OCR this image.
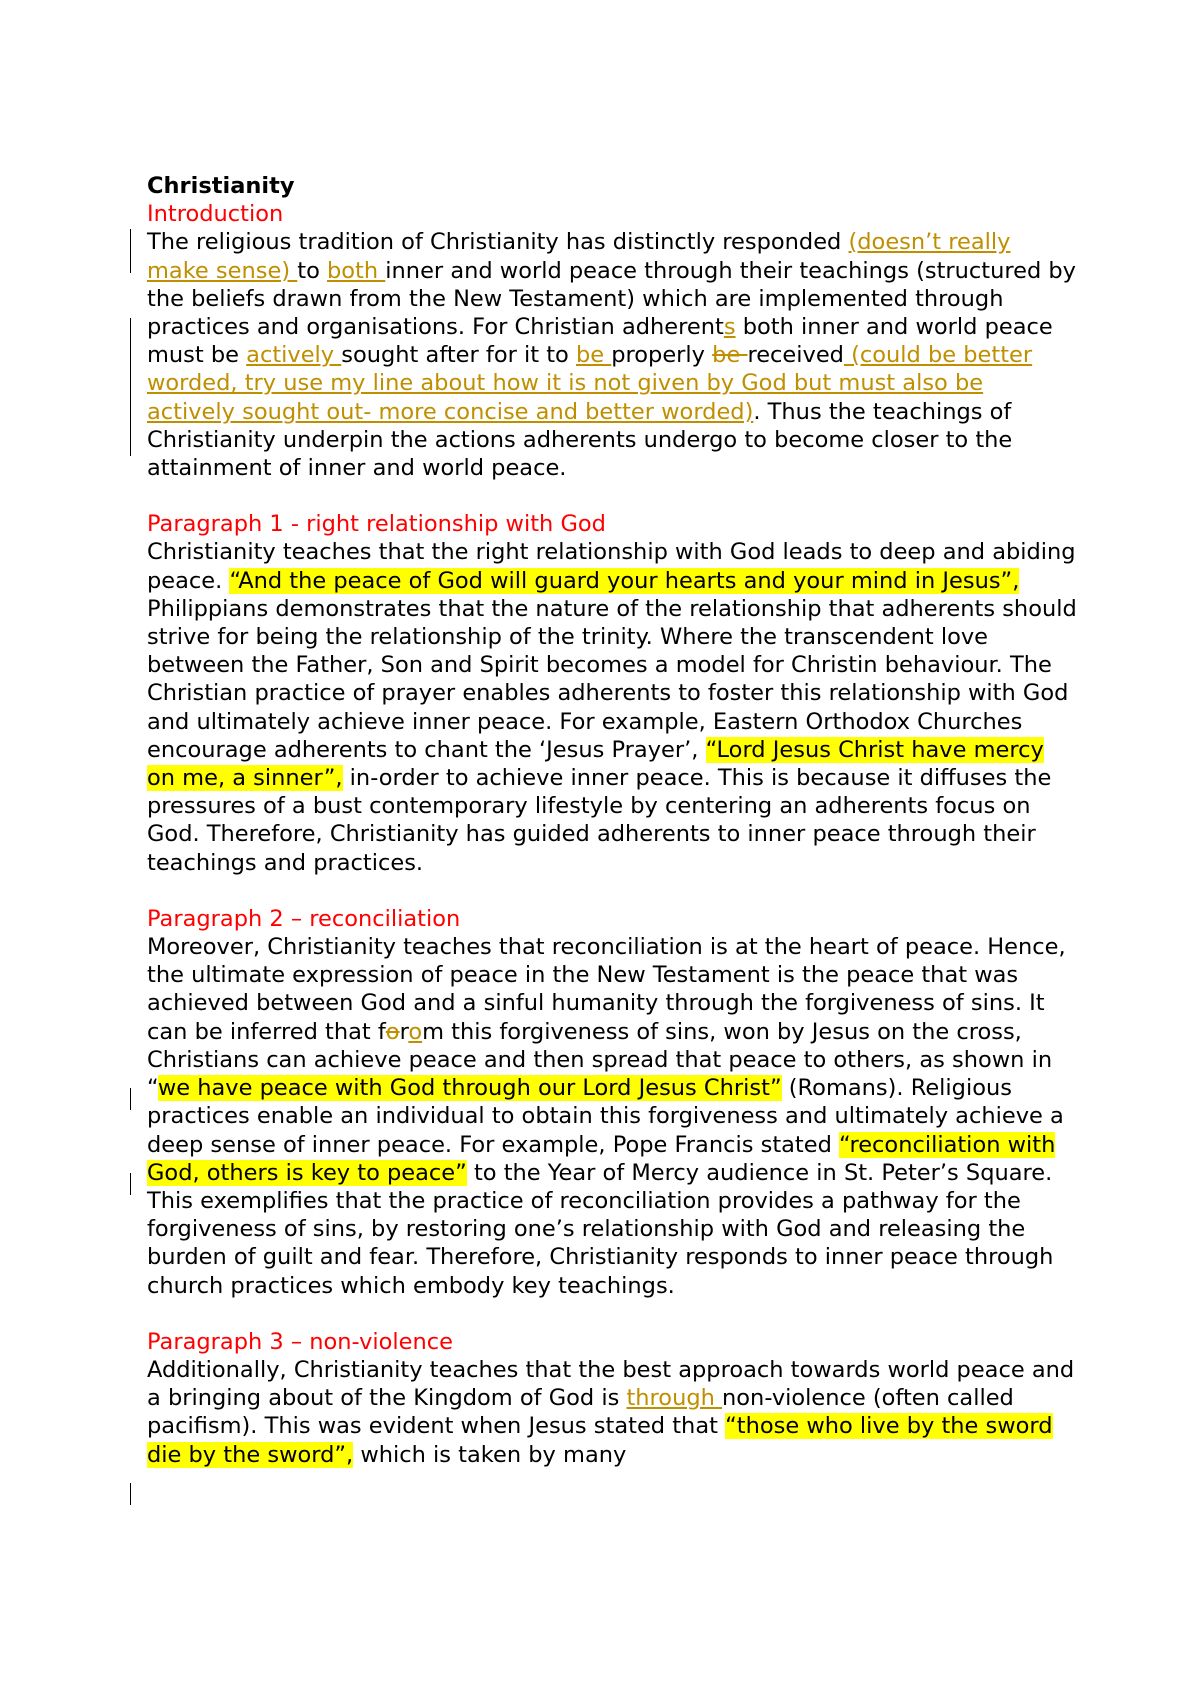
Christianity
Introduction

The religious tradition of Christianity has distinctly responded (doesn’t really make sense) to both inner and world peace through their teachings (structured by the beliefs drawn from the New Testament) which are implemented through practices and organisations. For Christian adherents both inner and world peace must be actively sought after for it to be properly be received (could be better worded, try use my line about how it is not given by God but must also be actively sought out- more concise and better worded). Thus the teachings of Christianity underpin the actions adherents undergo to become closer to the attainment of inner and world peace.

Paragraph 1 - right relationship with God

Christianity teaches that the right relationship with God leads to deep and abiding peace. “And the peace of God will guard your hearts and your mind in Jesus”, Philippians demonstrates that the nature of the relationship that adherents should strive for being the relationship of the trinity. Where the transcendent love between the Father, Son and Spirit becomes a model for Christin behaviour. The Christian practice of prayer enables adherents to foster this relationship with God and ultimately achieve inner peace. For example, Eastern Orthodox Churches encourage adherents to chant the ‘Jesus Prayer’, “Lord Jesus Christ have mercy on me, a sinner”, in-order to achieve inner peace. This is because it diffuses the pressures of a bust contemporary lifestyle by centering an adherents focus on God. Therefore, Christianity has guided adherents to inner peace through their teachings and practices.

Paragraph 2 – reconciliation

Moreover, Christianity teaches that reconciliation is at the heart of peace. Hence, the ultimate expression of peace in the New Testament is the peace that was achieved between God and a sinful humanity through the forgiveness of sins. It can be inferred that forom this forgiveness of sins, won by Jesus on the cross, Christians can achieve peace and then spread that peace to others, as shown in “we have peace with God through our Lord Jesus Christ” (Romans). Religious practices enable an individual to obtain this forgiveness and ultimately achieve a deep sense of inner peace. For example, Pope Francis stated “reconciliation with God, others is key to peace” to the Year of Mercy audience in St. Peter’s Square. This exemplifies that the practice of reconciliation provides a pathway for the forgiveness of sins, by restoring one’s relationship with God and releasing the burden of guilt and fear. Therefore, Christianity responds to inner peace through church practices which embody key teachings.

Paragraph 3 – non-violence

Additionally, Christianity teaches that the best approach towards world peace and a bringing about of the Kingdom of God is through non-violence (often called pacifism). This was evident when Jesus stated that “those who live by the sword die by the sword”, which is taken by many
